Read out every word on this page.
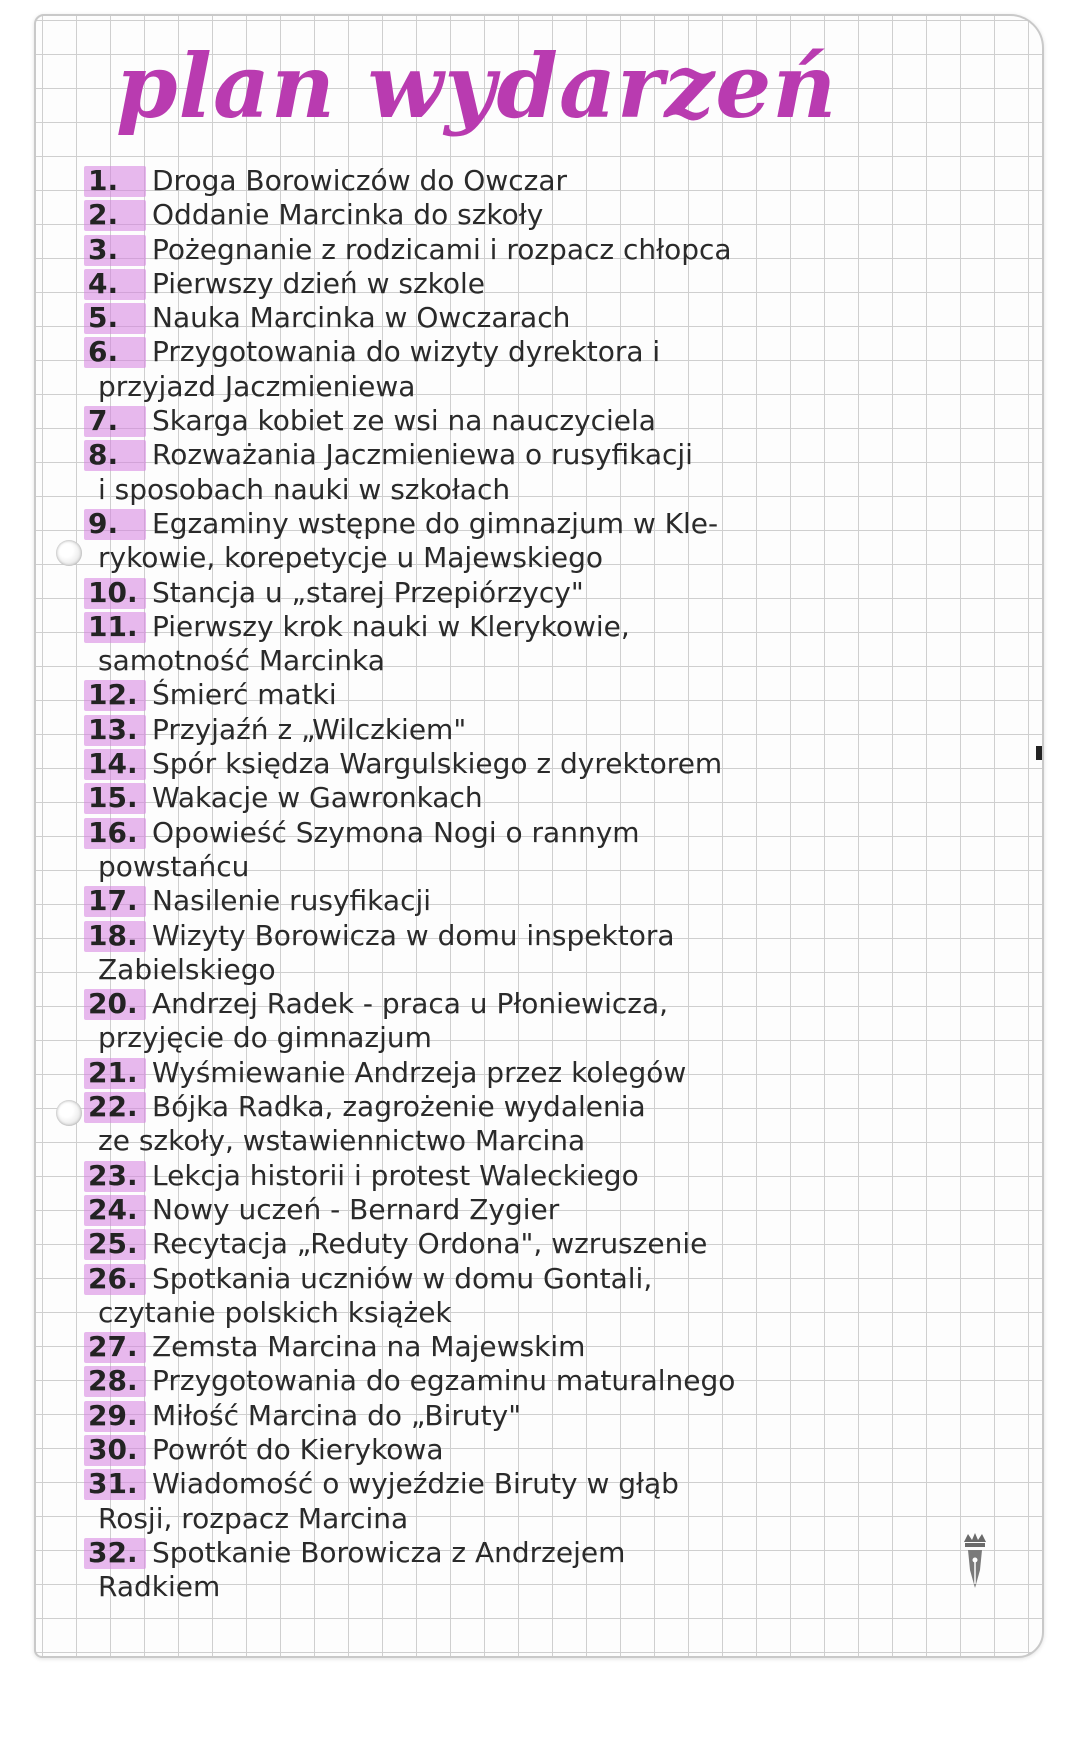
plan wydarzeń
1. Droga Borowiczów do Owczar
2. Oddanie Marcinka do szkoły
3. Pożegnanie z rodzicami i rozpacz chłopca
4. Pierwszy dzień w szkole
5. Nauka Marcinka w Owczarach
6. Przygotowania do wizyty dyrektora i
przyjazd Jaczmieniewa
7. Skarga kobiet ze wsi na nauczyciela
8. Rozważania Jaczmieniewa o rusyfikacji
i sposobach nauki w szkołach
9. Egzaminy wstępne do gimnazjum w Kle-
rykowie, korepetycje u Majewskiego
10. Stancja u „starej Przepiórzycy"
11. Pierwszy krok nauki w Klerykowie,
samotność Marcinka
12. Śmierć matki
13. Przyjaźń z „Wilczkiem"
14. Spór księdza Wargulskiego z dyrektorem
15. Wakacje w Gawronkach
16. Opowieść Szymona Nogi o rannym
powstańcu
17. Nasilenie rusyfikacji
18. Wizyty Borowicza w domu inspektora
Zabielskiego
20. Andrzej Radek - praca u Płoniewicza,
przyjęcie do gimnazjum
21. Wyśmiewanie Andrzeja przez kolegów
22. Bójka Radka, zagrożenie wydalenia
ze szkoły, wstawiennictwo Marcina
23. Lekcja historii i protest Waleckiego
24. Nowy uczeń - Bernard Zygier
25. Recytacja „Reduty Ordona", wzruszenie
26. Spotkania uczniów w domu Gontali,
czytanie polskich książek
27. Zemsta Marcina na Majewskim
28. Przygotowania do egzaminu maturalnego
29. Miłość Marcina do „Biruty"
30. Powrót do Kierykowa
31. Wiadomość o wyjeździe Biruty w głąb
Rosji, rozpacz Marcina
32. Spotkanie Borowicza z Andrzejem
Radkiem
